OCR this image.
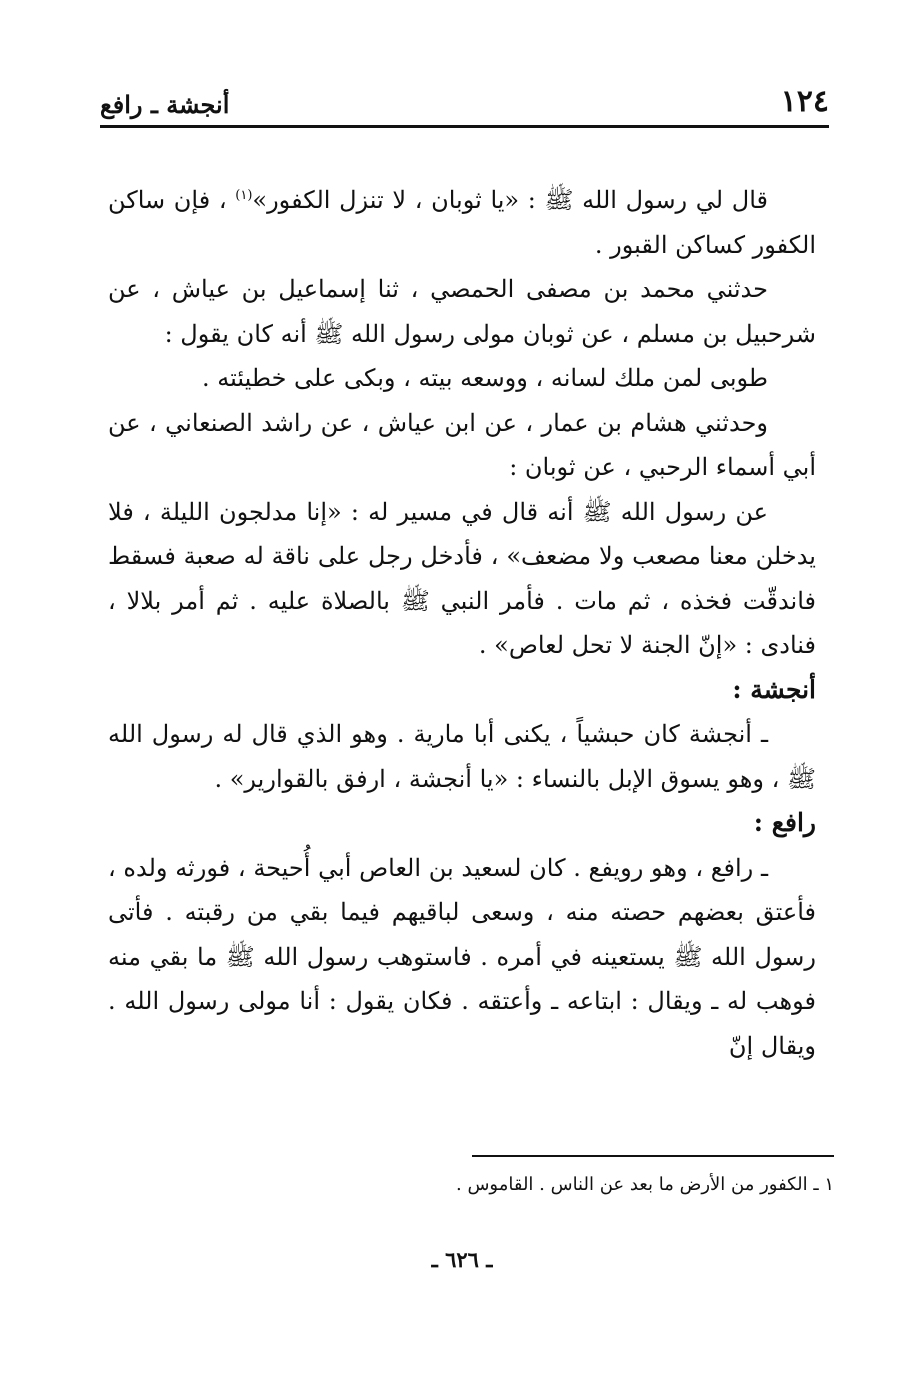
١٢٤
أنجشة ـ رافع

قال لي رسول الله ﷺ : «يا ثوبان ، لا تنزل الكفور»$^{(١)}$ ، فإن ساكن الكفور كساكن القبور .

حدثني محمد بن مصفى الحمصي ، ثنا إسماعيل بن عياش ، عن شرحبيل بن مسلم ، عن ثوبان مولى رسول الله ﷺ أنه كان يقول :

طوبى لمن ملك لسانه ، ووسعه بيته ، وبكى على خطيئته .

وحدثني هشام بن عمار ، عن ابن عياش ، عن راشد الصنعاني ، عن أبي أسماء الرحبي ، عن ثوبان :

عن رسول الله ﷺ أنه قال في مسير له : «إنا مدلجون الليلة ، فلا يدخلن معنا مصعب ولا مضعف» ، فأدخل رجل على ناقة له صعبة فسقط فاندقّت فخذه ، ثم مات . فأمر النبي ﷺ بالصلاة عليه . ثم أمر بلالا ، فنادى : «إنّ الجنة لا تحل لعاص» .

أنجشة :

ـ أنجشة كان حبشياً ، يكنى أبا مارية . وهو الذي قال له رسول الله ﷺ ، وهو يسوق الإبل بالنساء : «يا أنجشة ، ارفق بالقوارير» .

رافع :

ـ رافع ، وهو رويفع . كان لسعيد بن العاص أبي أُحيحة ، فورثه ولده ، فأعتق بعضهم حصته منه ، وسعى لباقيهم فيما بقي من رقبته . فأتى رسول الله ﷺ يستعينه في أمره . فاستوهب رسول الله ﷺ ما بقي منه فوهب له ـ ويقال : ابتاعه ـ وأعتقه . فكان يقول : أنا مولى رسول الله . ويقال إنّ

١ ـ الكفور من الأرض ما بعد عن الناس . القاموس .
ـ ٦٢٦ ـ
